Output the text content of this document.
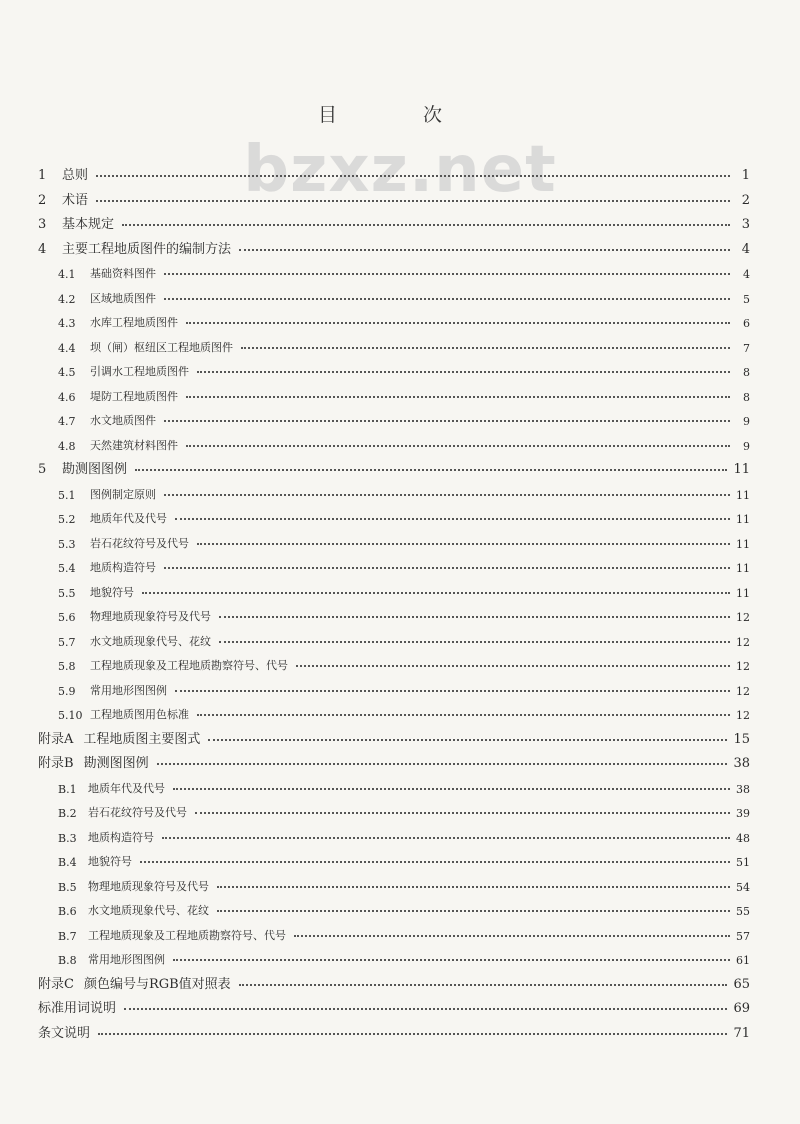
bzxz.net
目 次
1	总则	1
2	术语	2
3	基本规定	3
4	主要工程地质图件的编制方法	4
4.1	基础资料图件	4
4.2	区域地质图件	5
4.3	水库工程地质图件	6
4.4	坝（闸）枢纽区工程地质图件	7
4.5	引调水工程地质图件	8
4.6	堤防工程地质图件	8
4.7	水文地质图件	9
4.8	天然建筑材料图件	9
5	勘测图图例	11
5.1	图例制定原则	11
5.2	地质年代及代号	11
5.3	岩石花纹符号及代号	11
5.4	地质构造符号	11
5.5	地貌符号	11
5.6	物理地质现象符号及代号	12
5.7	水文地质现象代号、花纹	12
5.8	工程地质现象及工程地质勘察符号、代号	12
5.9	常用地形图图例	12
5.10 工程地质图用色标准	12
附录A 工程地质图主要图式	15
附录B 勘测图图例	38
B.1	地质年代及代号	38
B.2	岩石花纹符号及代号	39
B.3	地质构造符号	48
B.4	地貌符号	51
B.5	物理地质现象符号及代号	54
B.6	水文地质现象代号、花纹	55
B.7	工程地质现象及工程地质勘察符号、代号	57
B.8	常用地形图图例	61
附录C 颜色编号与RGB值对照表	65
标准用词说明	69
条文说明	71
